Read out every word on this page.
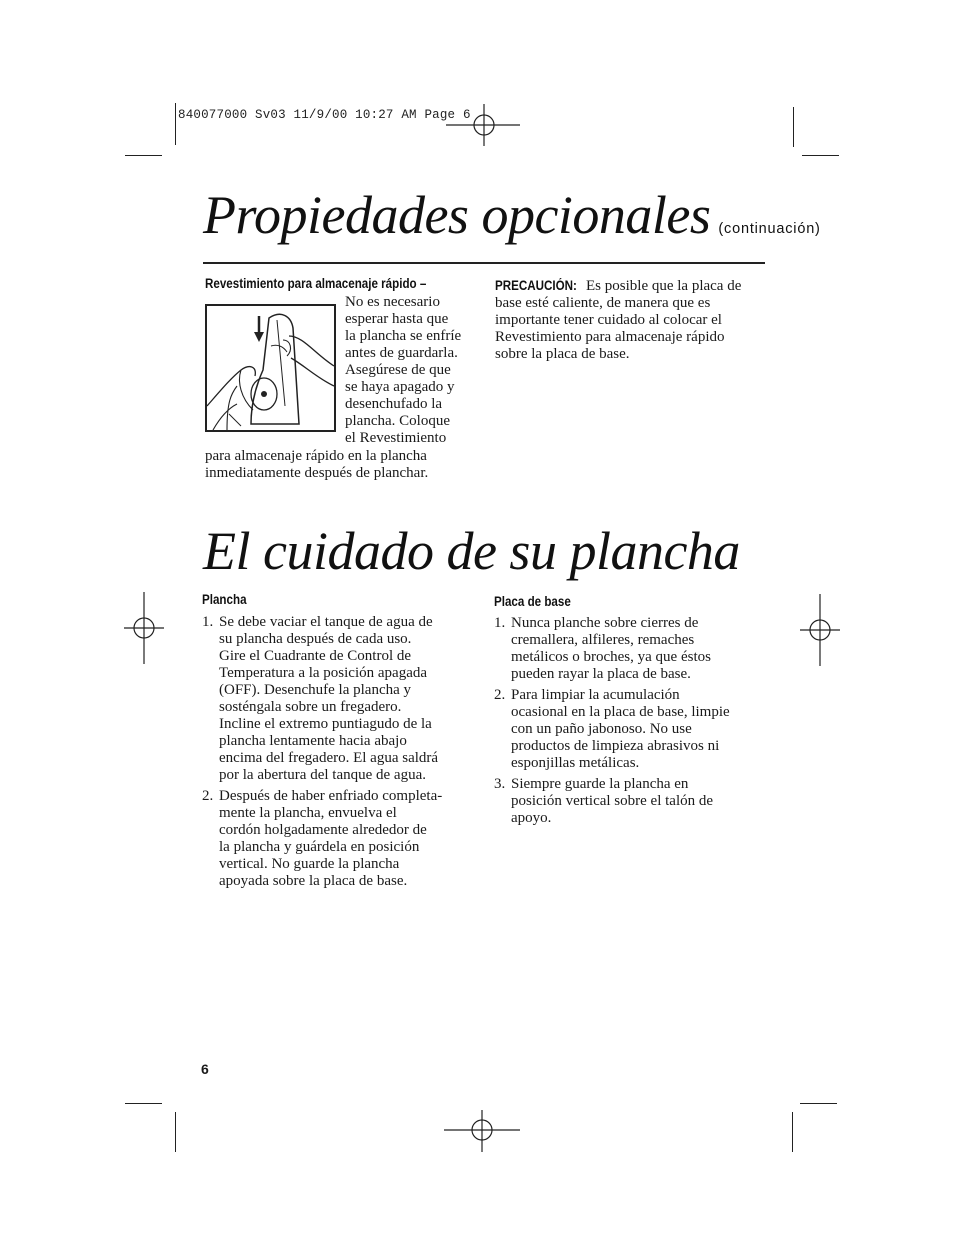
840077000 Sv03 11/9/00 10:27 AM Page 6
Propiedades opcionales (continuación)
Revestimiento para almacenaje rápido –
No es necesario
esperar hasta que
la plancha se enfríe
antes de guardarla.
Asegúrese de que
se haya apagado y
desenchufado la
plancha. Coloque
el Revestimiento
para almacenaje rápido en la plancha
inmediatamente después de planchar.
PRECAUCIÓN: Es posible que la placa de
base esté caliente, de manera que es
importante tener cuidado al colocar el
Revestimiento para almacenaje rápido
sobre la placa de base.
El cuidado de su plancha
Plancha
1. Se debe vaciar el tanque de agua de
su plancha después de cada uso.
Gire el Cuadrante de Control de
Temperatura a la posición apagada
(OFF). Desenchufe la plancha y
sosténgala sobre un fregadero.
Incline el extremo puntiagudo de la
plancha lentamente hacia abajo
encima del fregadero. El agua saldrá
por la abertura del tanque de agua.
2. Después de haber enfriado completa-
mente la plancha, envuelva el
cordón holgadamente alrededor de
la plancha y guárdela en posición
vertical. No guarde la plancha
apoyada sobre la placa de base.
Placa de base
1. Nunca planche sobre cierres de
cremallera, alfileres, remaches
metálicos o broches, ya que éstos
pueden rayar la placa de base.
2. Para limpiar la acumulación
ocasional en la placa de base, limpie
con un paño jabonoso. No use
productos de limpieza abrasivos ni
esponjillas metálicas.
3. Siempre guarde la plancha en
posición vertical sobre el talón de
apoyo.
6
